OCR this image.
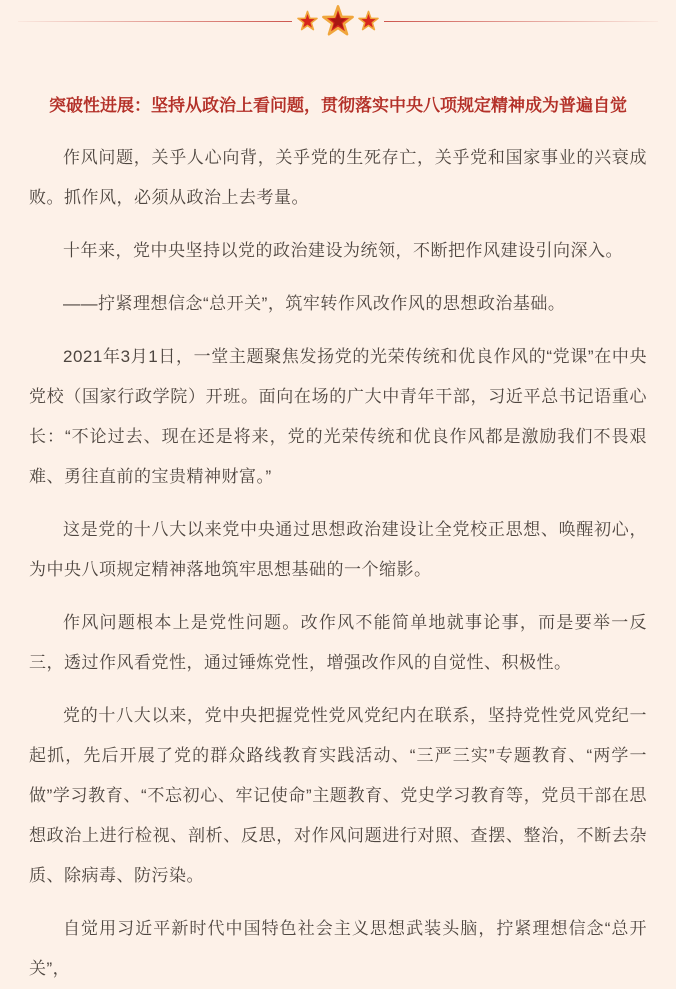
突破性进展：坚持从政治上看问题，贯彻落实中央八项规定精神成为普遍自觉

作风问题，关乎人心向背，关乎党的生死存亡，关乎党和国家事业的兴衰成败。抓作风，必须从政治上去考量。

十年来，党中央坚持以党的政治建设为统领，不断把作风建设引向深入。

——拧紧理想信念“总开关”，筑牢转作风改作风的思想政治基础。

2021年3月1日，一堂主题聚焦发扬党的光荣传统和优良作风的“党课”在中央党校（国家行政学院）开班。面向在场的广大中青年干部，习近平总书记语重心长：“不论过去、现在还是将来，党的光荣传统和优良作风都是激励我们不畏艰难、勇往直前的宝贵精神财富。”

这是党的十八大以来党中央通过思想政治建设让全党校正思想、唤醒初心，为中央八项规定精神落地筑牢思想基础的一个缩影。

作风问题根本上是党性问题。改作风不能简单地就事论事，而是要举一反三，透过作风看党性，通过锤炼党性，增强改作风的自觉性、积极性。

党的十八大以来，党中央把握党性党风党纪内在联系，坚持党性党风党纪一起抓，先后开展了党的群众路线教育实践活动、“三严三实”专题教育、“两学一做”学习教育、“不忘初心、牢记使命”主题教育、党史学习教育等，党员干部在思想政治上进行检视、剖析、反思，对作风问题进行对照、查摆、整治，不断去杂质、除病毒、防污染。

自觉用习近平新时代中国特色社会主义思想武装头脑，拧紧理想信念“总开关”，
